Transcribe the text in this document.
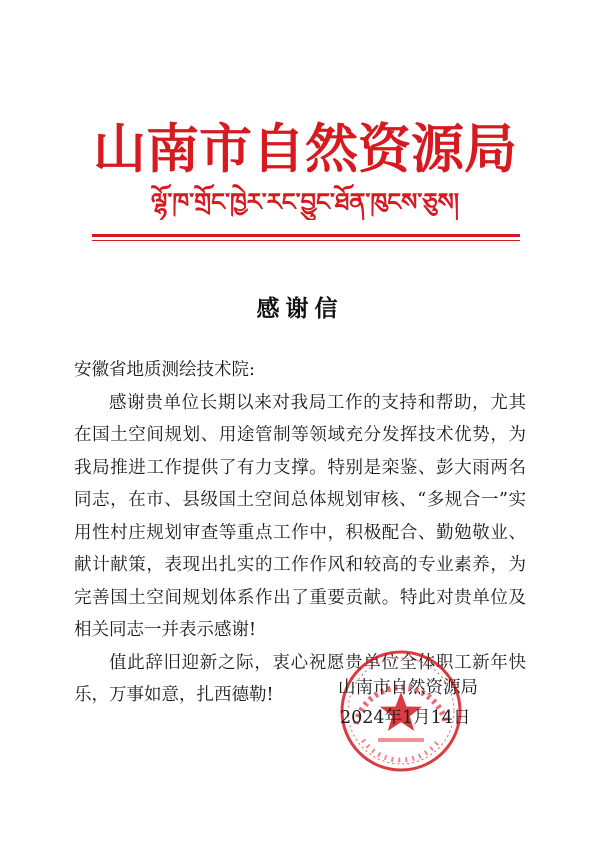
山南市自然资源局
ལྷོ་ཁ་གྲོང་ཁྱེར་རང་བྱུང་ཐོན་ཁུངས་ཅུས།
感谢信

安徽省地质测绘技术院:

感谢贵单位长期以来对我局工作的支持和帮助，尤其在国土空间规划、用途管制等领域充分发挥技术优势，为我局推进工作提供了有力支撑。特别是栾鉴、彭大雨两名同志，在市、县级国土空间总体规划审核、“多规合一”实用性村庄规划审查等重点工作中，积极配合、勤勉敬业、献计献策，表现出扎实的工作作风和较高的专业素养，为完善国土空间规划体系作出了重要贡献。特此对贵单位及相关同志一并表示感谢!

值此辞旧迎新之际，衷心祝愿贵单位全体职工新年快乐，万事如意，扎西德勒!	山南市自然资源局
2024年1月14日
